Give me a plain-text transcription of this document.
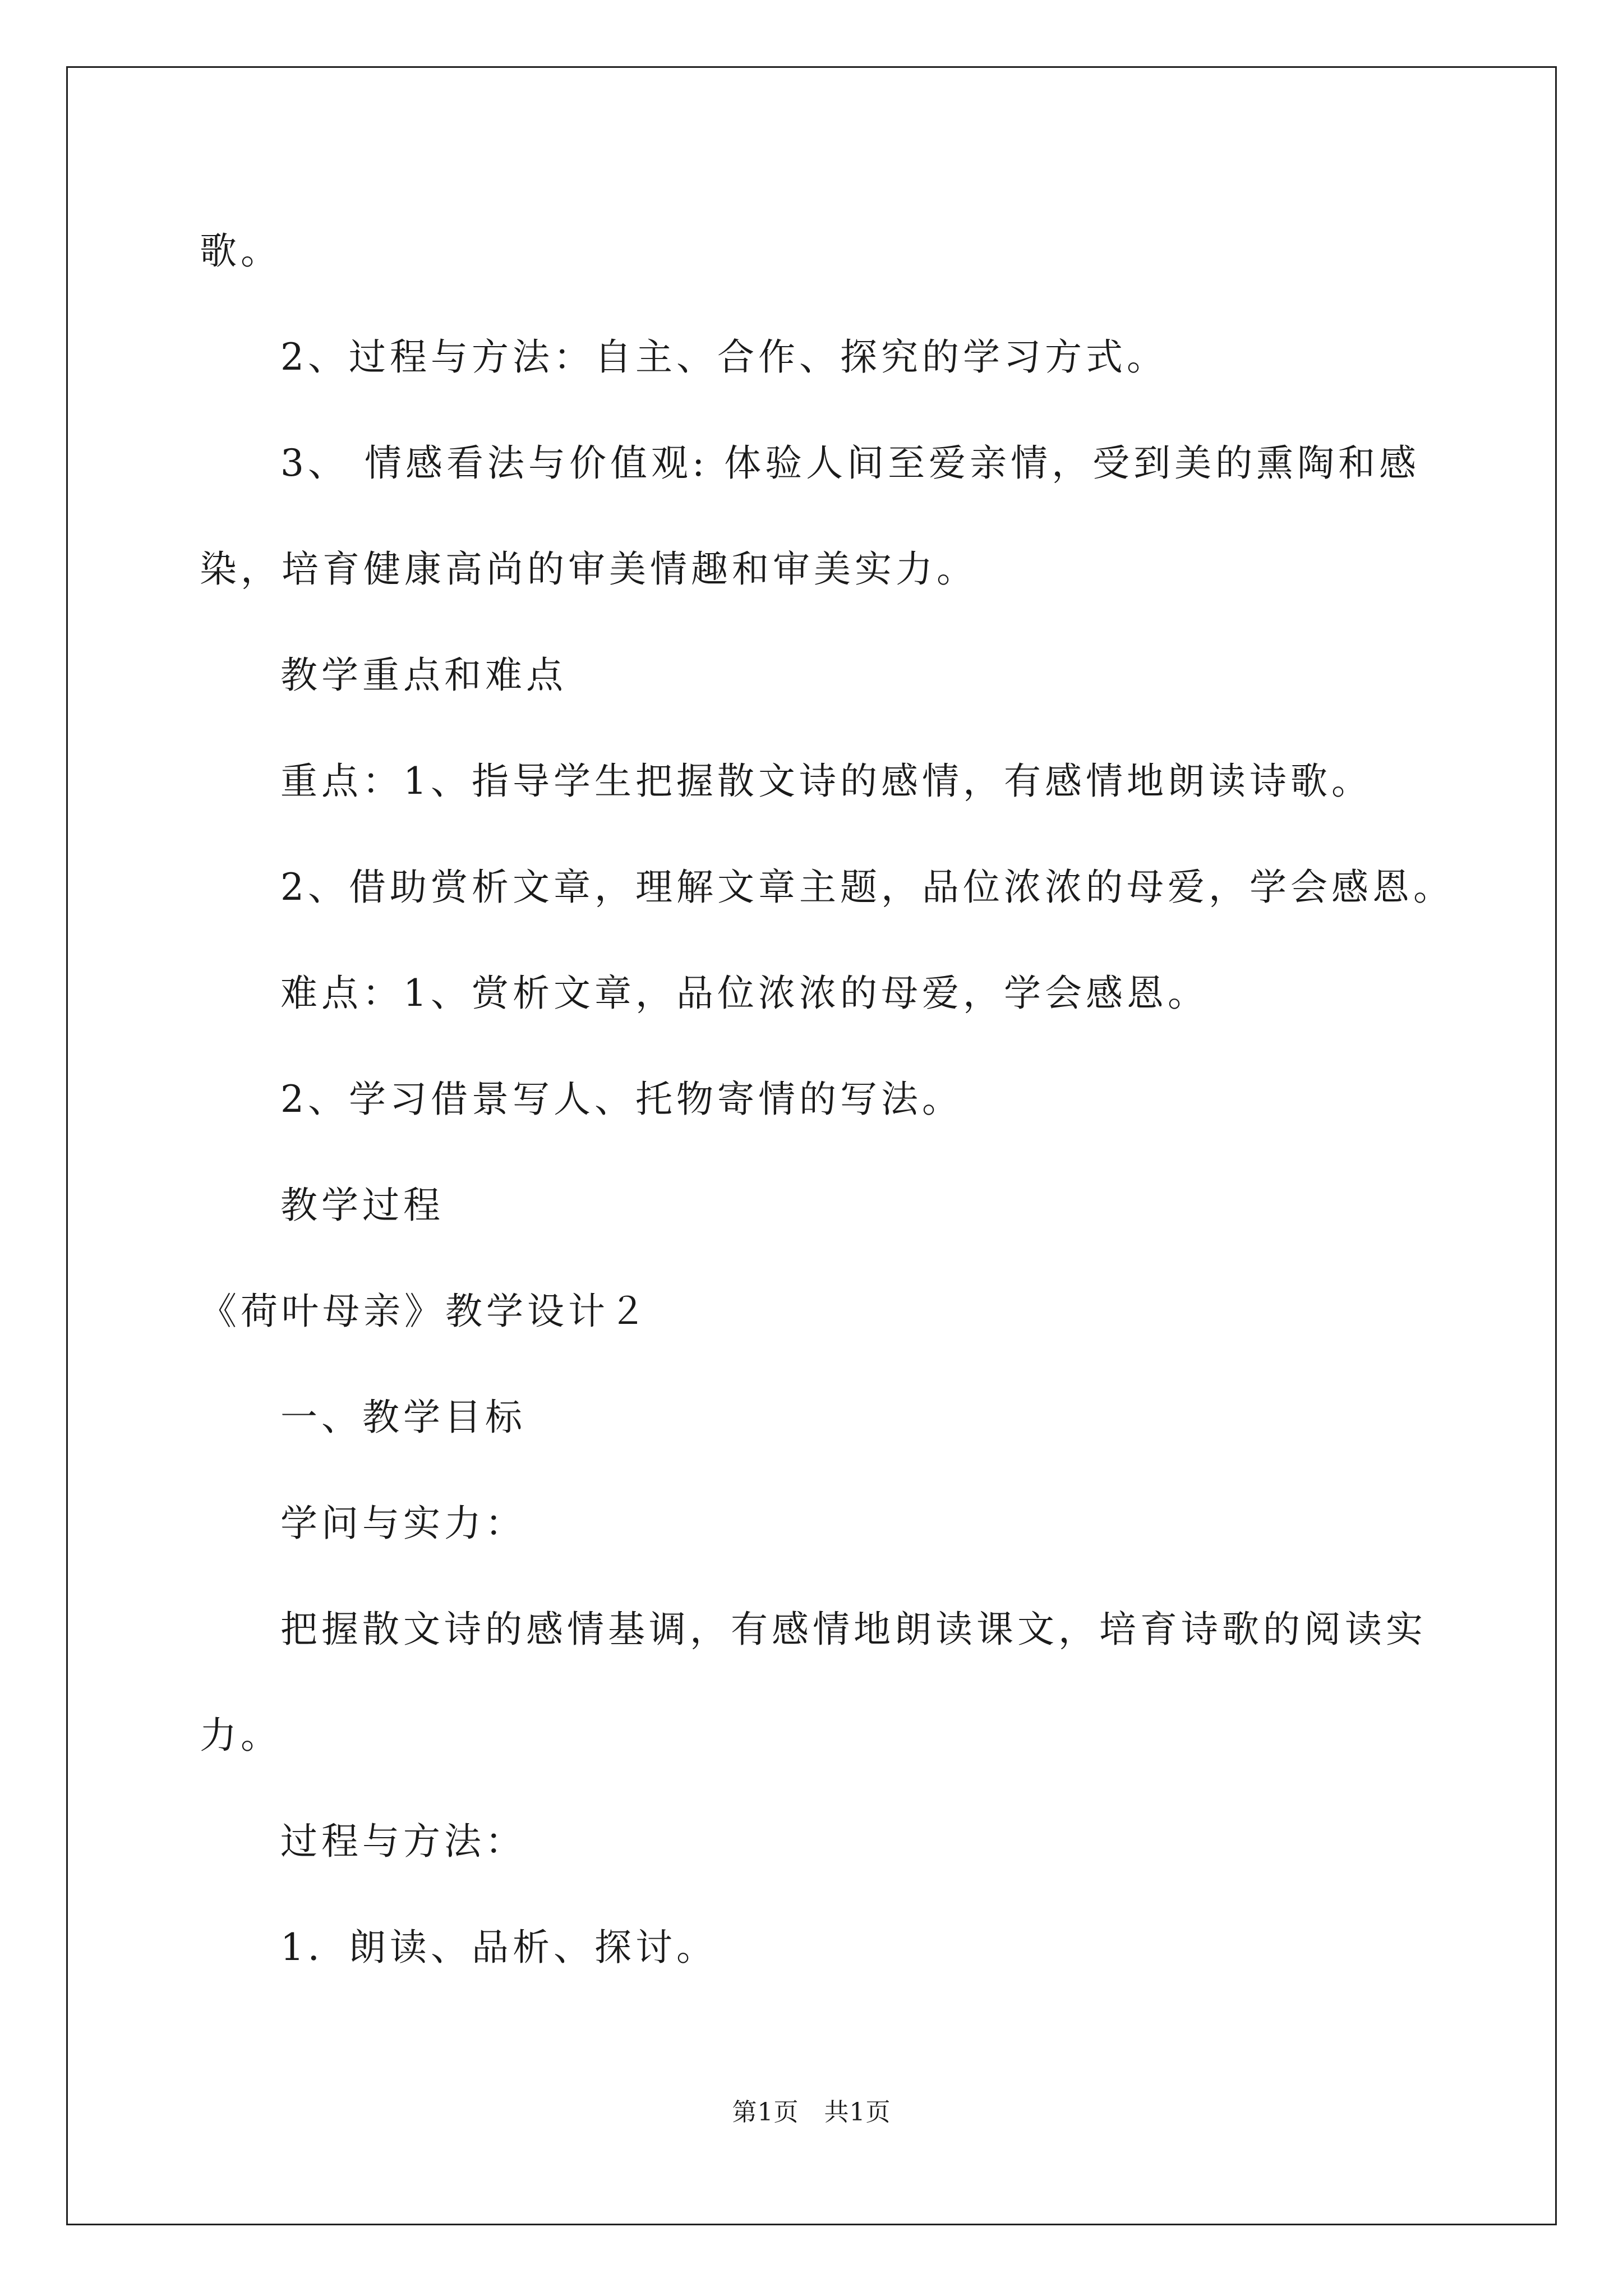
歌。
2、过程与方法：自主、合作、探究的学习方式。
3、 情感看法与价值观: 体验人间至爱亲情，受到美的熏陶和感
染，培育健康高尚的审美情趣和审美实力。
教学重点和难点
重点：1、指导学生把握散文诗的感情，有感情地朗读诗歌。
2、借助赏析文章，理解文章主题，品位浓浓的母爱，学会感恩。
难点：1、赏析文章，品位浓浓的母爱，学会感恩。
2、学习借景写人、托物寄情的写法。
教学过程
《荷叶母亲》教学设计２
一、教学目标
学问与实力：
把握散文诗的感情基调，有感情地朗读课文，培育诗歌的阅读实
力。
过程与方法：
1．朗读、品析、探讨。
第1页   共1页
